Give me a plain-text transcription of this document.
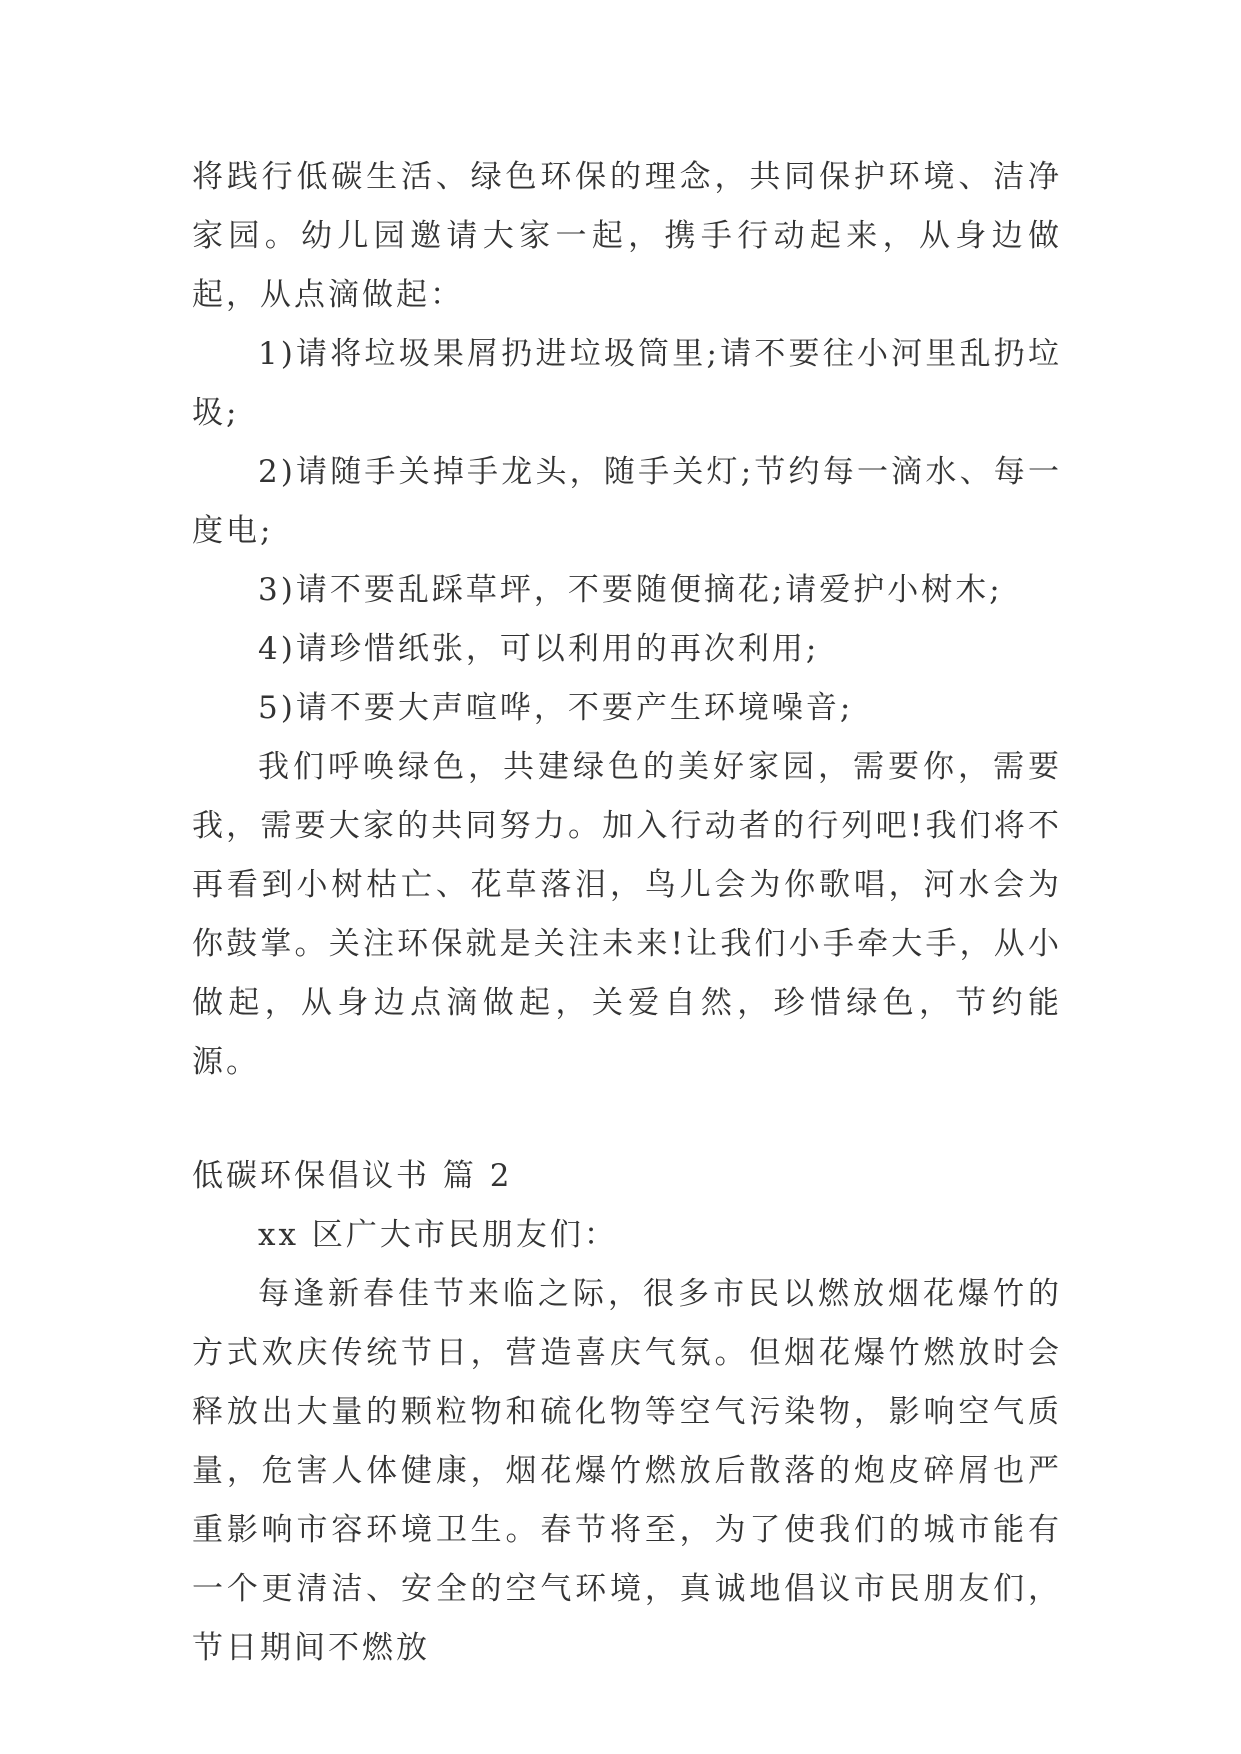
将践行低碳生活、绿色环保的理念，共同保护环境、洁净家园。幼儿园邀请大家一起，携手行动起来，从身边做起，从点滴做起：

1)请将垃圾果屑扔进垃圾筒里;请不要往小河里乱扔垃圾;

2)请随手关掉手龙头，随手关灯;节约每一滴水、每一度电;

3)请不要乱踩草坪，不要随便摘花;请爱护小树木;

4)请珍惜纸张，可以利用的再次利用;

5)请不要大声喧哗，不要产生环境噪音;

我们呼唤绿色，共建绿色的美好家园，需要你，需要我，需要大家的共同努力。加入行动者的行列吧!我们将不再看到小树枯亡、花草落泪，鸟儿会为你歌唱，河水会为你鼓掌。关注环保就是关注未来!让我们小手牵大手，从小做起，从身边点滴做起，关爱自然，珍惜绿色，节约能源。

低碳环保倡议书 篇 2

xx 区广大市民朋友们：

每逢新春佳节来临之际，很多市民以燃放烟花爆竹的方式欢庆传统节日，营造喜庆气氛。但烟花爆竹燃放时会释放出大量的颗粒物和硫化物等空气污染物，影响空气质量，危害人体健康，烟花爆竹燃放后散落的炮皮碎屑也严重影响市容环境卫生。春节将至，为了使我们的城市能有一个更清洁、安全的空气环境，真诚地倡议市民朋友们，节日期间不燃放
